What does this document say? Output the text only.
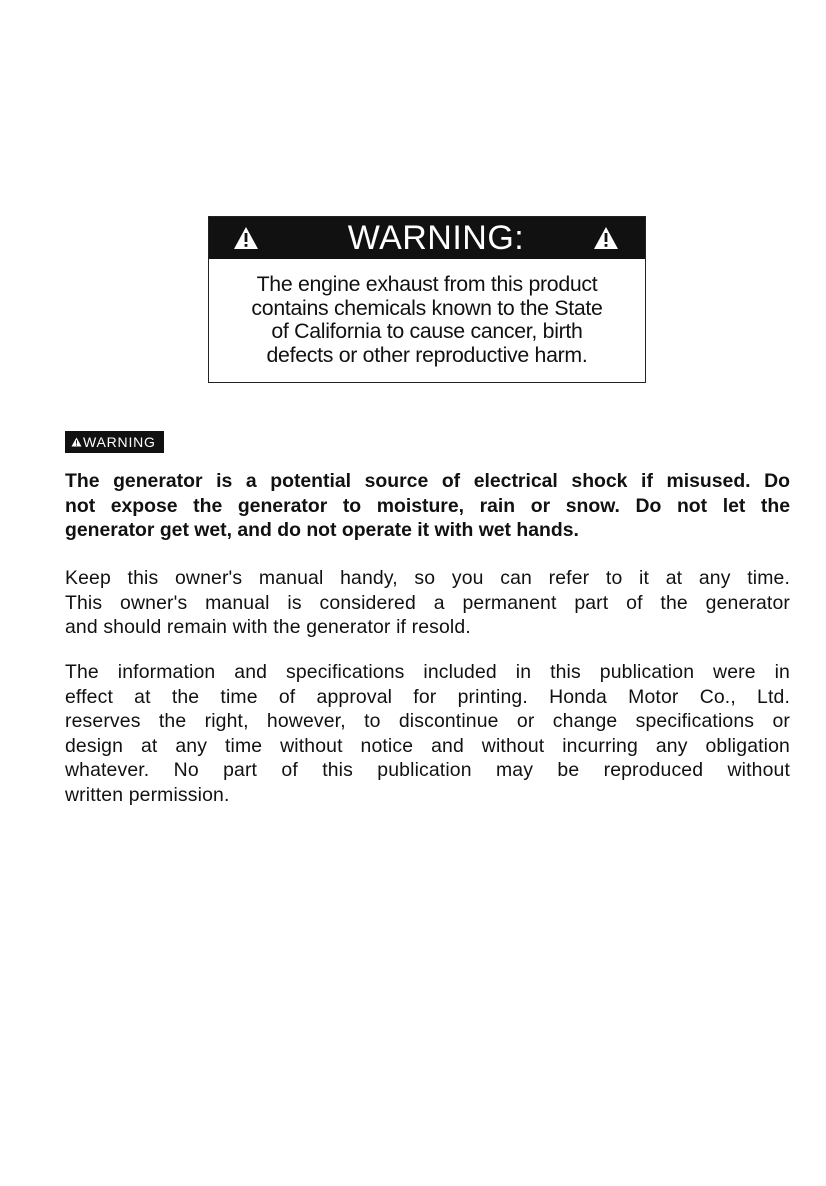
WARNING:
The engine exhaust from this product
contains chemicals known to the State
of California to cause cancer, birth
defects or other reproductive harm.
WARNING
The generator is a potential source of electrical shock if misused. Do
not expose the generator to moisture, rain or snow. Do not let the
generator get wet, and do not operate it with wet hands.
Keep this owner's manual handy, so you can refer to it at any time.
This owner's manual is considered a permanent part of the generator
and should remain with the generator if resold.
The information and specifications included in this publication were in
effect at the time of approval for printing. Honda Motor Co., Ltd.
reserves the right, however, to discontinue or change specifications or
design at any time without notice and without incurring any obligation
whatever. No part of this publication may be reproduced without
written permission.
